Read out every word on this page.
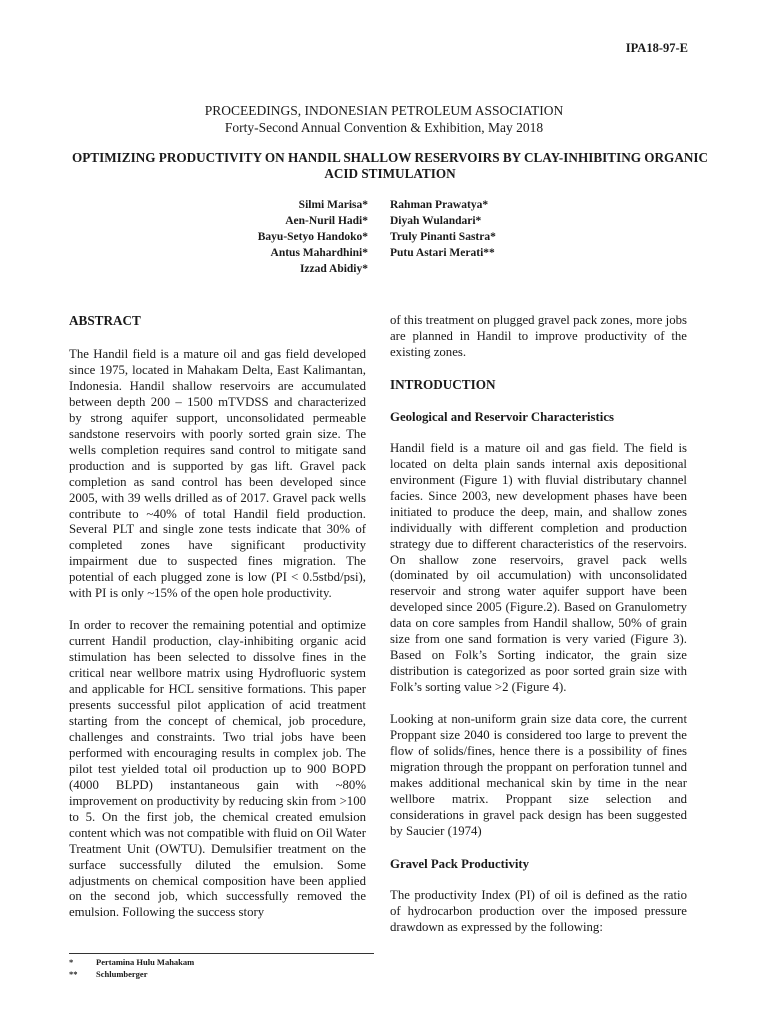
IPA18-97-E
PROCEEDINGS, INDONESIAN PETROLEUM ASSOCIATION
Forty-Second Annual Convention & Exhibition, May 2018
OPTIMIZING PRODUCTIVITY ON HANDIL SHALLOW RESERVOIRS BY CLAY-INHIBITING ORGANIC ACID STIMULATION
Silmi Marisa*
Aen-Nuril Hadi*
Bayu-Setyo Handoko*
Antus Mahardhini*
Izzad Abidiy*
Rahman Prawatya*
Diyah Wulandari*
Truly Pinanti Sastra*
Putu Astari Merati**
ABSTRACT

The Handil field is a mature oil and gas field developed since 1975, located in Mahakam Delta, East Kalimantan, Indonesia. Handil shallow reservoirs are accumulated between depth 200 – 1500 mTVDSS and characterized by strong aquifer support, unconsolidated permeable sandstone reservoirs with poorly sorted grain size. The wells completion requires sand control to mitigate sand production and is supported by gas lift. Gravel pack completion as sand control has been developed since 2005, with 39 wells drilled as of 2017. Gravel pack wells contribute to ~40% of total Handil field production. Several PLT and single zone tests indicate that 30% of completed zones have significant productivity impairment due to suspected fines migration. The potential of each plugged zone is low (PI < 0.5stbd/psi), with PI is only ~15% of the open hole productivity.

In order to recover the remaining potential and optimize current Handil production, clay-inhibiting organic acid stimulation has been selected to dissolve fines in the critical near wellbore matrix using Hydrofluoric system and applicable for HCL sensitive formations. This paper presents successful pilot application of acid treatment starting from the concept of chemical, job procedure, challenges and constraints. Two trial jobs have been performed with encouraging results in complex job. The pilot test yielded total oil production up to 900 BOPD (4000 BLPD) instantaneous gain with ~80% improvement on productivity by reducing skin from >100 to 5. On the first job, the chemical created emulsion content which was not compatible with fluid on Oil Water Treatment Unit (OWTU). Demulsifier treatment on the surface successfully diluted the emulsion. Some adjustments on chemical composition have been applied on the second job, which successfully removed the emulsion. Following the success story

of this treatment on plugged gravel pack zones, more jobs are planned in Handil to improve productivity of the existing zones.

INTRODUCTION
Geological and Reservoir Characteristics

Handil field is a mature oil and gas field. The field is located on delta plain sands internal axis depositional environment (Figure 1) with fluvial distributary channel facies. Since 2003, new development phases have been initiated to produce the deep, main, and shallow zones individually with different completion and production strategy due to different characteristics of the reservoirs. On shallow zone reservoirs, gravel pack wells (dominated by oil accumulation) with unconsolidated reservoir and strong water aquifer support have been developed since 2005 (Figure.2). Based on Granulometry data on core samples from Handil shallow, 50% of grain size from one sand formation is very varied (Figure 3). Based on Folk’s Sorting indicator, the grain size distribution is categorized as poor sorted grain size with Folk’s sorting value >2 (Figure 4).

Looking at non-uniform grain size data core, the current Proppant size 2040 is considered too large to prevent the flow of solids/fines, hence there is a possibility of fines migration through the proppant on perforation tunnel and makes additional mechanical skin by time in the near wellbore matrix. Proppant size selection and considerations in gravel pack design has been suggested by Saucier (1974)

Gravel Pack Productivity

The productivity Index (PI) of oil is defined as the ratio of hydrocarbon production over the imposed pressure drawdown as expressed by the following:

*	Pertamina Hulu Mahakam
**	Schlumberger
